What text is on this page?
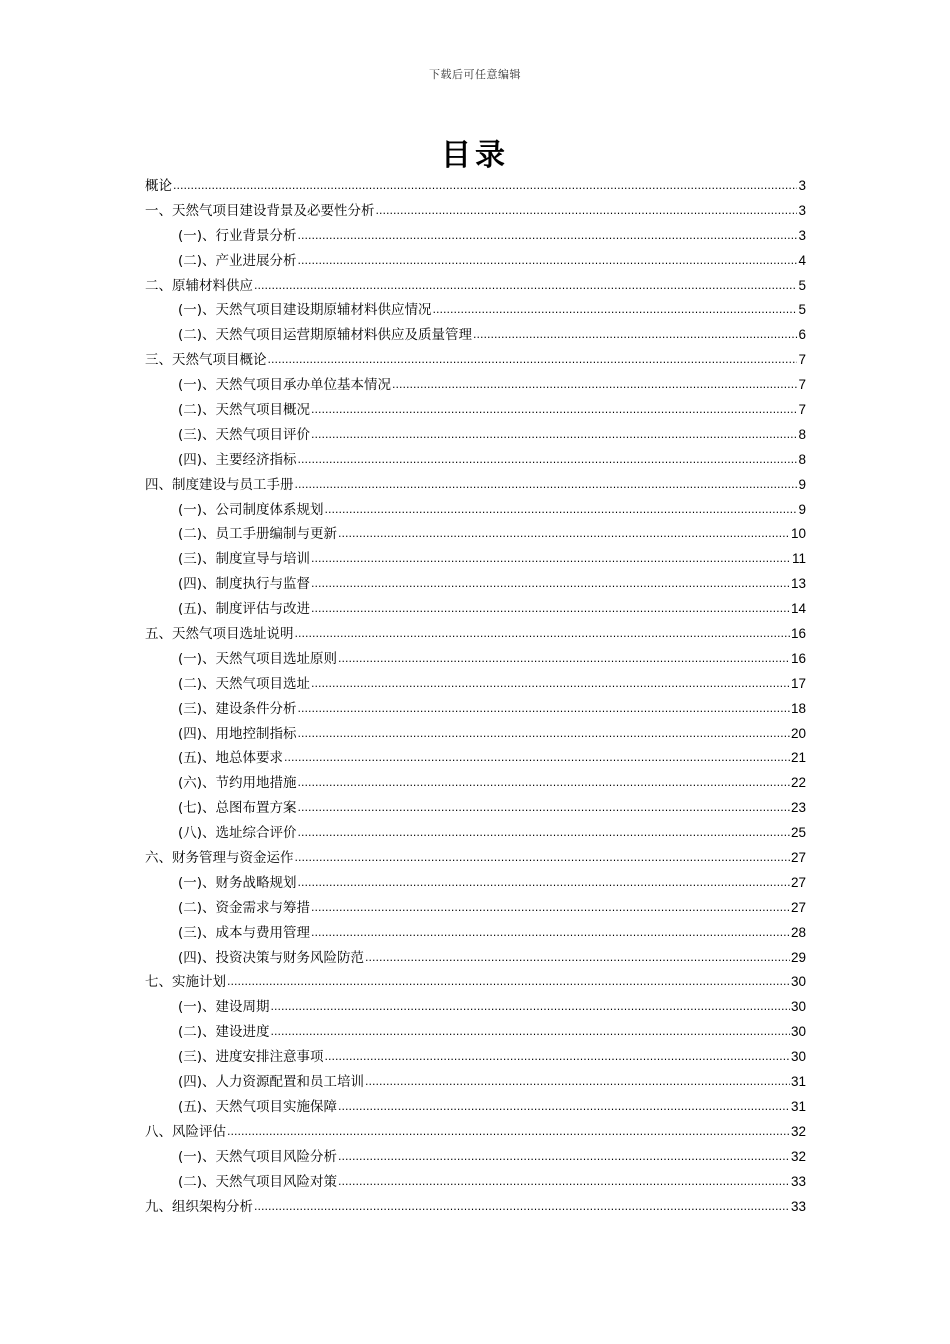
下载后可任意编辑
目录
概论 .....	3
一、天然气项目建设背景及必要性分析 .....	3
(一)、行业背景分析 .....	3
(二)、产业进展分析 .....	4
二、原辅材料供应 .....	5
(一)、天然气项目建设期原辅材料供应情况 .....	5
(二)、天然气项目运营期原辅材料供应及质量管理 .....	6
三、天然气项目概论 .....	7
(一)、天然气项目承办单位基本情况 .....	7
(二)、天然气项目概况 .....	7
(三)、天然气项目评价 .....	8
(四)、主要经济指标 .....	8
四、制度建设与员工手册 .....	9
(一)、公司制度体系规划 .....	9
(二)、员工手册编制与更新 .....	10
(三)、制度宣导与培训 .....	11
(四)、制度执行与监督 .....	13
(五)、制度评估与改进 .....	14
五、天然气项目选址说明 .....	16
(一)、天然气项目选址原则 .....	16
(二)、天然气项目选址 .....	17
(三)、建设条件分析 .....	18
(四)、用地控制指标 .....	20
(五)、地总体要求 .....	21
(六)、节约用地措施 .....	22
(七)、总图布置方案 .....	23
(八)、选址综合评价 .....	25
六、财务管理与资金运作 .....	27
(一)、财务战略规划 .....	27
(二)、资金需求与筹措 .....	27
(三)、成本与费用管理 .....	28
(四)、投资决策与财务风险防范 .....	29
七、实施计划 .....	30
(一)、建设周期 .....	30
(二)、建设进度 .....	30
(三)、进度安排注意事项 .....	30
(四)、人力资源配置和员工培训 .....	31
(五)、天然气项目实施保障 .....	31
八、风险评估 .....	32
(一)、天然气项目风险分析 .....	32
(二)、天然气项目风险对策 .....	33
九、组织架构分析 .....	33
